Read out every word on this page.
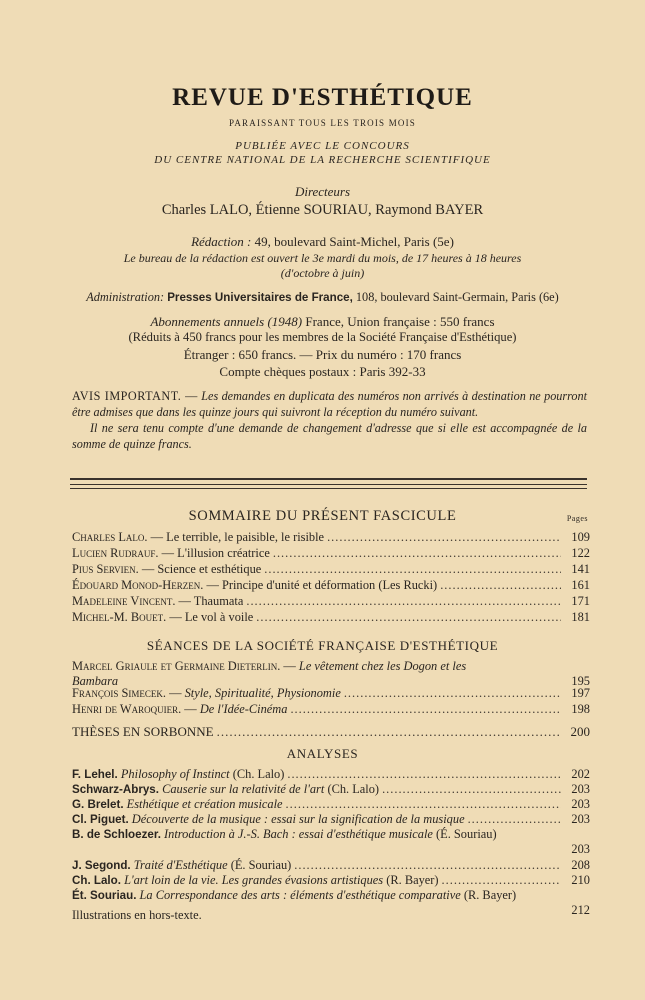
REVUE D'ESTHÉTIQUE
PARAISSANT TOUS LES TROIS MOIS
PUBLIÉE AVEC LE CONCOURS
DU CENTRE NATIONAL DE LA RECHERCHE SCIENTIFIQUE
Directeurs
Charles LALO, Étienne SOURIAU, Raymond BAYER
Rédaction : 49, boulevard Saint-Michel, Paris (5e)
Le bureau de la rédaction est ouvert le 3e mardi du mois, de 17 heures à 18 heures
(d'octobre à juin)
Administration: Presses Universitaires de France, 108, boulevard Saint-Germain, Paris (6e)
Abonnements annuels (1948) France, Union française : 550 francs
(Réduits à 450 francs pour les membres de la Société Française d'Esthétique)
Étranger : 650 francs. — Prix du numéro : 170 francs
Compte chèques postaux : Paris 392-33
AVIS IMPORTANT. — Les demandes en duplicata des numéros non arrivés à destination ne pourront être admises que dans les quinze jours qui suivront la réception du numéro suivant.
Il ne sera tenu compte d'une demande de changement d'adresse que si elle est accompagnée de la somme de quinze francs.
SOMMAIRE DU PRÉSENT FASCICULE	Pages
Charles Lalo. — Le terrible, le paisible, le risible .....	109
Lucien Rudrauf. — L'illusion créatrice .....	122
Pius Servien. — Science et esthétique .....	141
Édouard Monod-Herzen. — Principe d'unité et déformation (Les Rucki) .....	161
Madeleine Vincent. — Thaumata .....	171
Michel-M. Bouet. — Le vol à voile .....	181
SÉANCES DE LA SOCIÉTÉ FRANÇAISE D'ESTHÉTIQUE
Marcel Griaule et Germaine Dieterlin. — Le vêtement chez les Dogon et les
Bambara	195
François Simecek. — Style, Spiritualité, Physionomie .....	197
Henri de Waroquier. — De l'Idée-Cinéma .....	198
THÈSES EN SORBONNE .....	200
ANALYSES
F. Lehel. Philosophy of Instinct (Ch. Lalo) .....	202
Schwarz-Abrys. Causerie sur la relativité de l'art (Ch. Lalo) .....	203
G. Brelet. Esthétique et création musicale .....	203
Cl. Piguet. Découverte de la musique : essai sur la signification de la musique .....	203
B. de Schloezer. Introduction à J.-S. Bach : essai d'esthétique musicale (É. Souriau)
203
J. Segond. Traité d'Esthétique (É. Souriau) .....	208
Ch. Lalo. L'art loin de la vie. Les grandes évasions artistiques (R. Bayer) .....	210
Ét. Souriau. La Correspondance des arts : éléments d'esthétique comparative (R. Bayer)
212
Illustrations en hors-texte.
